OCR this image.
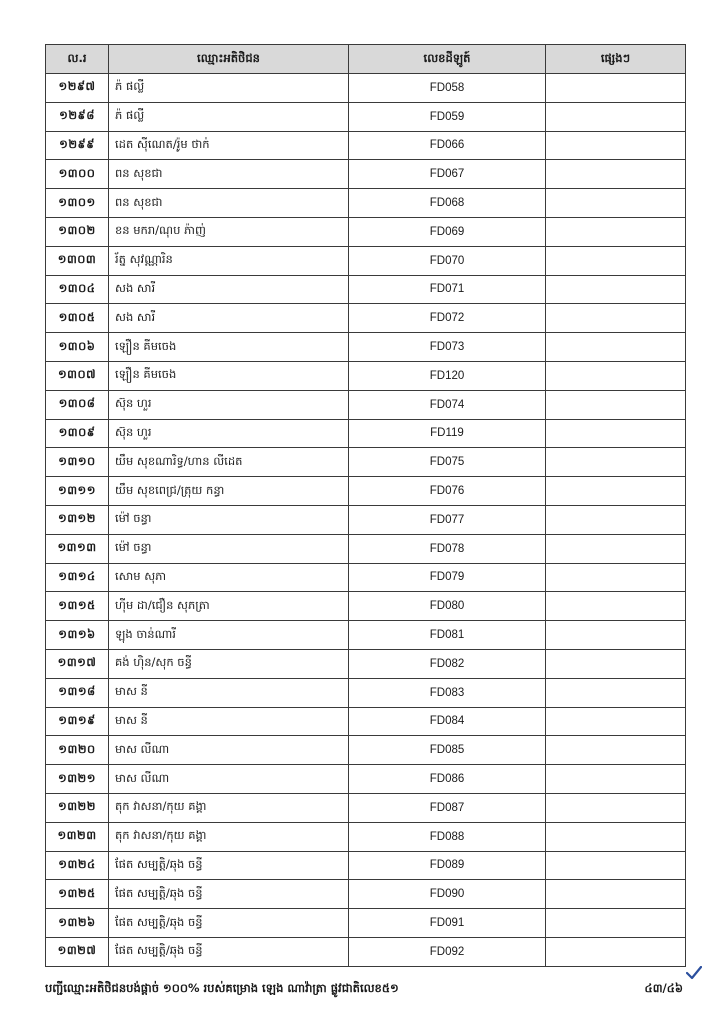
ល.រ	ឈ្មោះអតិថិជន	លេខដីឡូត៍	ផ្សេងៗ
១២៩៧	ភ៉ ផល្លី	FD058	
១២៩៨	ភ៉ ផល្លី	FD059	
១២៩៩	ដេត ស៊ីណេត/រ៉ូម ថាក់	FD066	
១៣០០	ពន សុខជា	FD067	
១៣០១	ពន សុខជា	FD068	
១៣០២	ខន មករា/ណុប ភ៉ាញ់	FD069	
១៣០៣	រ័ត្ន សុវណ្ណារិន	FD070	
១៣០៤	សង សារី	FD071	
១៣០៥	សង សារី	FD072	
១៣០៦	ឡឿន គីមចេង	FD073	
១៣០៧	ឡឿន គីមចេង	FD120	
១៣០៨	ស៊ុន ហួរ	FD074	
១៣០៩	ស៊ុន ហួរ	FD119	
១៣១០	យឹម សុខណារិទ្ធ/ហាន លីដេត	FD075	
១៣១១	យឹម សុខពេជ្រ/ត្រុយ កន្ធា	FD076	
១៣១២	ម៉ៅ ចន្ធា	FD077	
១៣១៣	ម៉ៅ ចន្ធា	FD078	
១៣១៤	សោម សុភា	FD079	
១៣១៥	ហ៊ីម ដា/ជឿន សុភត្រា	FD080	
១៣១៦	ឡុង ចាន់ណារី	FD081	
១៣១៧	គង់ ហ៊ិន/សុក ចន្ធី	FD082	
១៣១៨	មាស នី	FD083	
១៣១៩	មាស នី	FD084	
១៣២០	មាស លីណា	FD085	
១៣២១	មាស លីណា	FD086	
១៣២២	តុក វាសនា/កុយ គង្គា	FD087	
១៣២៣	តុក វាសនា/កុយ គង្គា	FD088	
១៣២៤	ផែត សម្បត្តិ/ឆុង ចន្ធី	FD089	
១៣២៥	ផែត សម្បត្តិ/ឆុង ចន្ធី	FD090	
១៣២៦	ផែត សម្បត្តិ/ឆុង ចន្ធី	FD091	
១៣២៧	ផែត សម្បត្តិ/ឆុង ចន្ធី	FD092	
បញ្ជីឈ្មោះអតិថិជនបង់ផ្តាច់ ១០០% របស់គម្រោង ឡេង ណាវ៉ាត្រា ផ្លូវជាតិលេខ៥១	៤៣/៤៦
